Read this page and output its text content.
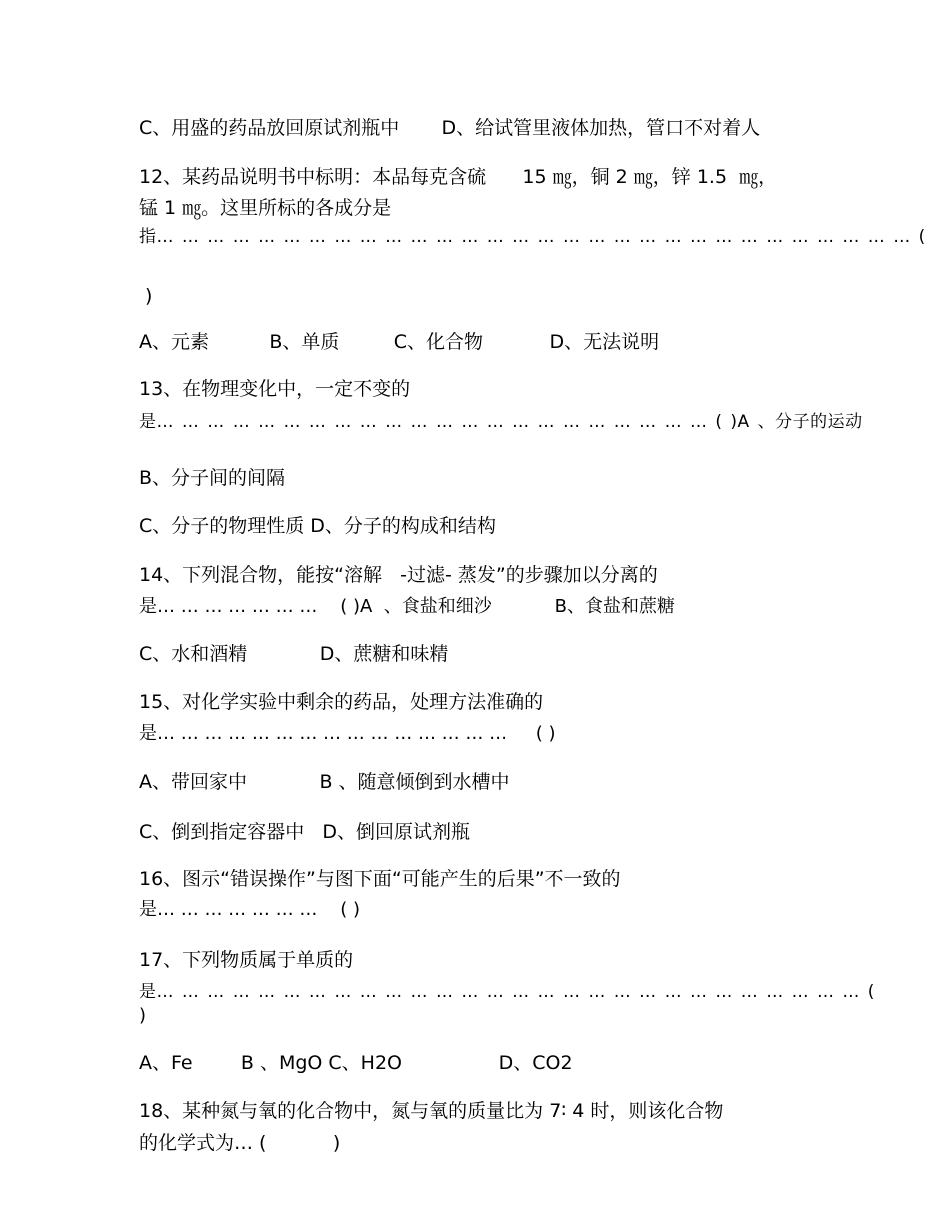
C、用盛的药品放回原试剂瓶中       D、给试管里液体加热，管口不对着人
12、某药品说明书中标明：本品每克含硫      15 ㎎，铜 2 ㎎，锌 1.5  ㎎，
锰 1 ㎎。这里所标的各成分是
指… … … … … … … … … … … … … … … … … … … … … … … … … … … … … … (
)
A、元素          B、单质         C、化合物           D、无法说明
13、在物理变化中，一定不变的
是… … … … … … … … … … … … … … … … … … … … … … ( )A 、分子的运动
B、分子间的间隔
C、分子的物理性质 D、分子的构成和结构
14、下列混合物，能按“溶解   -过滤- 蒸发”的步骤加以分离的
是… … … … … … …    ( )A  、食盐和细沙           B、食盐和蔗糖
C、水和酒精            D、蔗糖和味精
15、对化学实验中剩余的药品，处理方法准确的
是… … … … … … … … … … … … … … …     ( )
A、带回家中            B 、随意倾倒到水槽中
C、倒到指定容器中   D、倒回原试剂瓶
16、图示“错误操作”与图下面“可能产生的后果”不一致的
是… … … … … … …    ( )
17、下列物质属于单质的
是… … … … … … … … … … … … … … … … … … … … … … … … … … … … (
)
A、Fe        B 、MgO C、H2O                D、CO2
18、某种氮与氧的化合物中，氮与氧的质量比为 7∶ 4 时，则该化合物
的化学式为… (           )
